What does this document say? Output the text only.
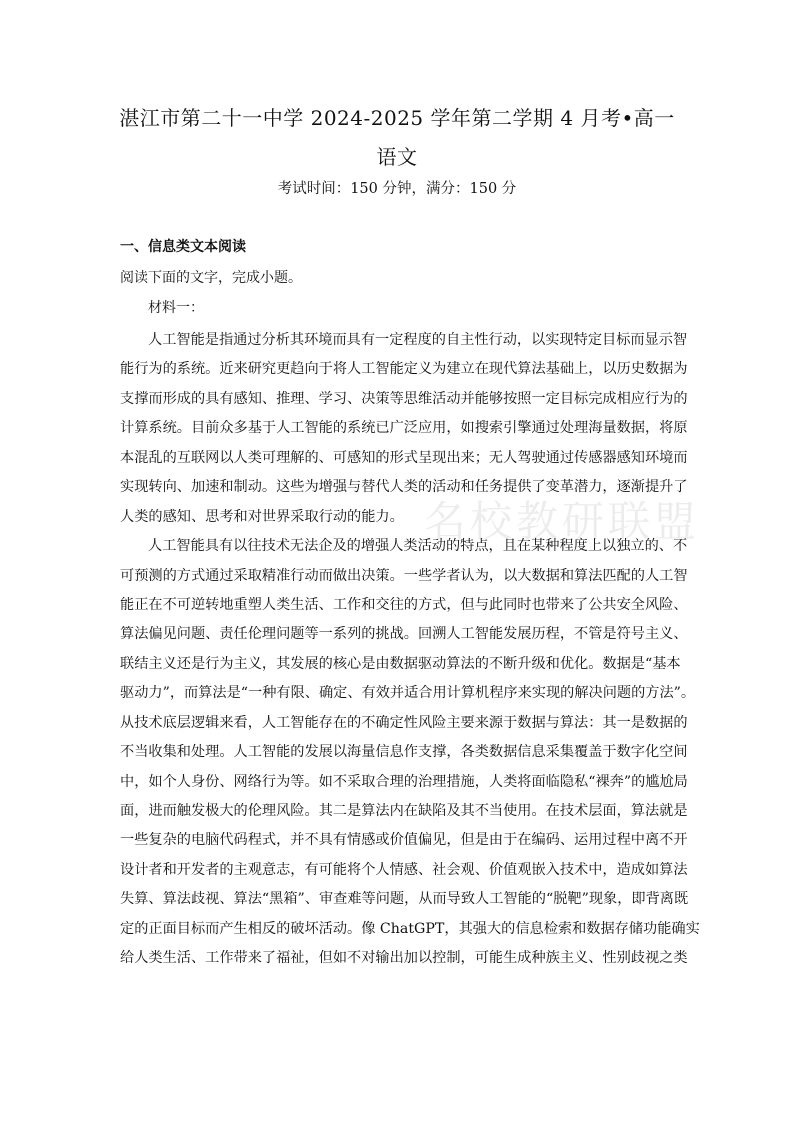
湛江市第二十一中学 2024-2025 学年第二学期 4 月考•高一
语文
考试时间：150 分钟，满分：150 分
一、信息类文本阅读
阅读下面的文字，完成小题。
材料一：
名校教研联盟
人工智能是指通过分析其环境而具有一定程度的自主性行动，以实现特定目标而显示智
能行为的系统。近来研究更趋向于将人工智能定义为建立在现代算法基础上，以历史数据为
支撑而形成的具有感知、推理、学习、决策等思维活动并能够按照一定目标完成相应行为的
计算系统。目前众多基于人工智能的系统已广泛应用，如搜索引擎通过处理海量数据，将原
本混乱的互联网以人类可理解的、可感知的形式呈现出来；无人驾驶通过传感器感知环境而
实现转向、加速和制动。这些为增强与替代人类的活动和任务提供了变革潜力，逐渐提升了
人类的感知、思考和对世界采取行动的能力。
人工智能具有以往技术无法企及的增强人类活动的特点，且在某种程度上以独立的、不
可预测的方式通过采取精准行动而做出决策。一些学者认为，以大数据和算法匹配的人工智
能正在不可逆转地重塑人类生活、工作和交往的方式，但与此同时也带来了公共安全风险、
算法偏见问题、责任伦理问题等一系列的挑战。回溯人工智能发展历程，不管是符号主义、
联结主义还是行为主义，其发展的核心是由数据驱动算法的不断升级和优化。数据是“基本
驱动力”，而算法是“一种有限、确定、有效并适合用计算机程序来实现的解决问题的方法”。
从技术底层逻辑来看，人工智能存在的不确定性风险主要来源于数据与算法：其一是数据的
不当收集和处理。人工智能的发展以海量信息作支撑，各类数据信息采集覆盖于数字化空间
中，如个人身份、网络行为等。如不采取合理的治理措施，人类将面临隐私“裸奔”的尴尬局
面，进而触发极大的伦理风险。其二是算法内在缺陷及其不当使用。在技术层面，算法就是
一些复杂的电脑代码程式，并不具有情感或价值偏见，但是由于在编码、运用过程中离不开
设计者和开发者的主观意志，有可能将个人情感、社会观、价值观嵌入技术中，造成如算法
失算、算法歧视、算法“黑箱”、审查难等问题，从而导致人工智能的“脱靶”现象，即背离既
定的正面目标而产生相反的破坏活动。像 ChatGPT，其强大的信息检索和数据存储功能确实
给人类生活、工作带来了福祉，但如不对输出加以控制，可能生成种族主义、性别歧视之类
